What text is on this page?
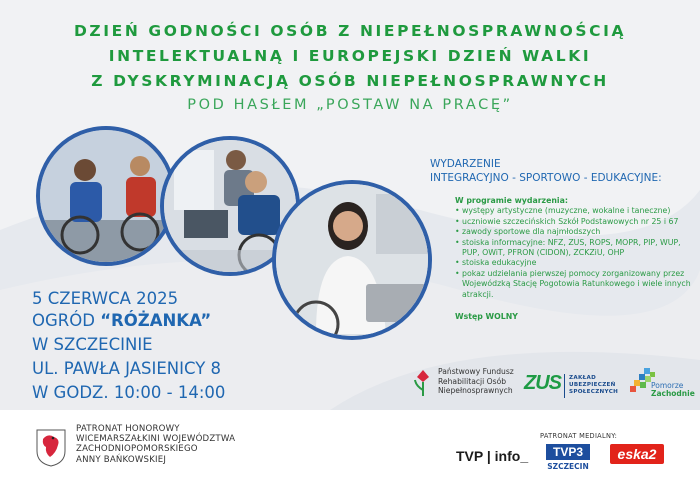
DZIEŃ GODNOŚCI OSÓB Z NIEPEŁNOSPRAWNOŚCIĄ
INTELEKTUALNĄ I EUROPEJSKI DZIEŃ WALKI
Z DYSKRYMINACJĄ OSÓB NIEPEŁNOSPRAWNYCH
POD HASŁEM „POSTAW NA PRACĘ”
WYDARZENIE
INTEGRACYJNO - SPORTOWO - EDUKACYJNE:
W programie wydarzenia:
• występy artystyczne (muzyczne, wokalne i taneczne)
• uczniowie szczecińskich Szkół Podstawowych nr 25 i 67
• zawody sportowe dla najmłodszych
• stoiska informacyjne: NFZ, ZUS, ROPS, MOPR, PIP, WUP, PUP, OWiT, PFRON (CIDON), ZCKZiU, OHP
• stoiska edukacyjne
• pokaz udzielania pierwszej pomocy zorganizowany przez Wojewódzką Stację Pogotowia Ratunkowego i wiele innych atrakcji.
Wstęp WOLNY
5 CZERWCA 2025
OGRÓD “RÓŻANKA”
W SZCZECINIE
UL. PAWŁA JASIENICY 8
W GODZ. 10:00 - 14:00
Państwowy Fundusz
Rehabilitacji Osób
Niepełnosprawnych ZUS ZAKŁAD
UBEZPIECZEŃ
SPOŁECZNYCH
Pomorze
Zachodnie
PATRONAT HONOROWY
WICEMARSZAŁKINI WOJEWÓDZTWA
ZACHODNIOPOMORSKIEGO
ANNY BAŃKOWSKIEJ
PATRONAT MEDIALNY:
TVP | info_	TVP3
SZCZECIN
eska2
